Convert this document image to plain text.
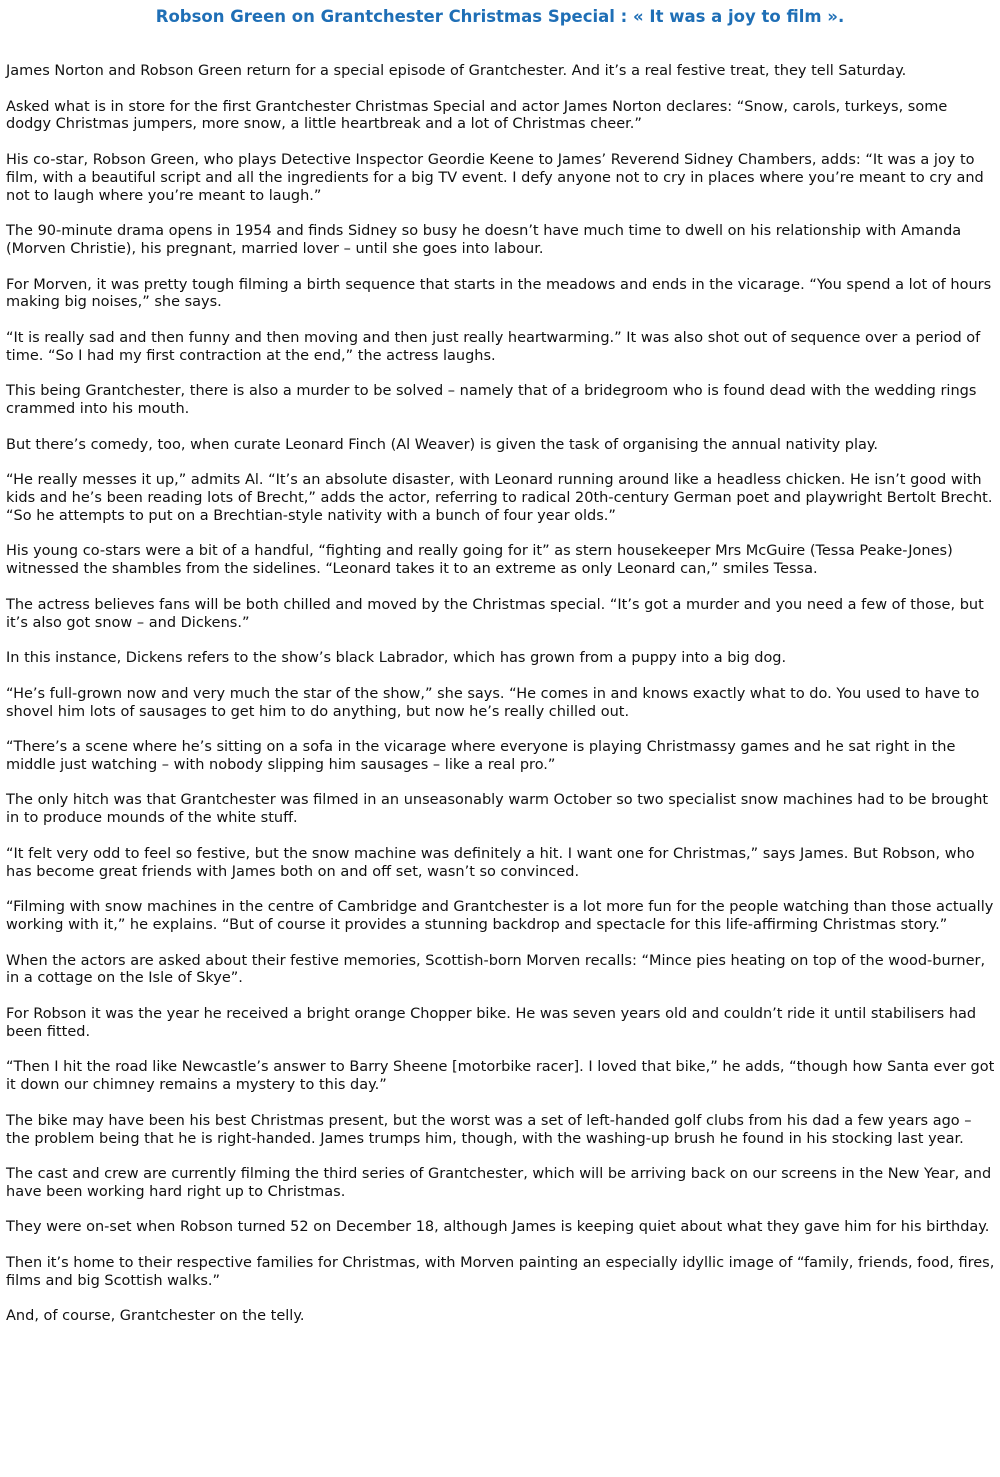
Robson Green on Grantchester Christmas Special : « It was a joy to film ».

James Norton and Robson Green return for a special episode of Grantchester. And it’s a real festive treat, they tell Saturday.

Asked what is in store for the first Grantchester Christmas Special and actor James Norton declares: “Snow, carols, turkeys, some dodgy Christmas jumpers, more snow, a little heartbreak and a lot of Christmas cheer.”

His co-star, Robson Green, who plays Detective Inspector Geordie Keene to James’ Reverend Sidney Chambers, adds: “It was a joy to film, with a beautiful script and all the ingredients for a big TV event. I defy anyone not to cry in places where you’re meant to cry and not to laugh where you’re meant to laugh.”

The 90-minute drama opens in 1954 and finds Sidney so busy he doesn’t have much time to dwell on his relationship with Amanda (Morven Christie), his pregnant, married lover – until she goes into labour.

For Morven, it was pretty tough filming a birth sequence that starts in the meadows and ends in the vicarage. “You spend a lot of hours making big noises,” she says.

“It is really sad and then funny and then moving and then just really heartwarming.” It was also shot out of sequence over a period of time. “So I had my first contraction at the end,” the actress laughs.

This being Grantchester, there is also a murder to be solved – namely that of a bridegroom who is found dead with the wedding rings crammed into his mouth.

But there’s comedy, too, when curate Leonard Finch (Al Weaver) is given the task of organising the annual nativity play.

“He really messes it up,” admits Al. “It’s an absolute disaster, with Leonard running around like a headless chicken. He isn’t good with kids and he’s been reading lots of Brecht,” adds the actor, referring to radical 20th-century German poet and playwright Bertolt Brecht. “So he attempts to put on a Brechtian-style nativity with a bunch of four year olds.”

His young co-stars were a bit of a handful, “fighting and really going for it” as stern housekeeper Mrs McGuire (Tessa Peake-Jones) witnessed the shambles from the sidelines. “Leonard takes it to an extreme as only Leonard can,” smiles Tessa.

The actress believes fans will be both chilled and moved by the Christmas special. “It’s got a murder and you need a few of those, but it’s also got snow – and Dickens.”

In this instance, Dickens refers to the show’s black Labrador, which has grown from a puppy into a big dog.

“He’s full-grown now and very much the star of the show,” she says. “He comes in and knows exactly what to do. You used to have to shovel him lots of sausages to get him to do anything, but now he’s really chilled out.

“There’s a scene where he’s sitting on a sofa in the vicarage where everyone is playing Christmassy games and he sat right in the middle just watching – with nobody slipping him sausages – like a real pro.”

The only hitch was that Grantchester was filmed in an unseasonably warm October so two specialist snow machines had to be brought in to produce mounds of the white stuff.

“It felt very odd to feel so festive, but the snow machine was definitely a hit. I want one for Christmas,” says James. But Robson, who has become great friends with James both on and off set, wasn’t so convinced.

“Filming with snow machines in the centre of Cambridge and Grantchester is a lot more fun for the people watching than those actually working with it,” he explains. “But of course it provides a stunning backdrop and spectacle for this life-affirming Christmas story.”

When the actors are asked about their festive memories, Scottish-born Morven recalls: “Mince pies heating on top of the wood-burner, in a cottage on the Isle of Skye”.

For Robson it was the year he received a bright orange Chopper bike. He was seven years old and couldn’t ride it until stabilisers had been fitted.

“Then I hit the road like Newcastle’s answer to Barry Sheene [motorbike racer]. I loved that bike,” he adds, “though how Santa ever got it down our chimney remains a mystery to this day.”

The bike may have been his best Christmas present, but the worst was a set of left-handed golf clubs from his dad a few years ago – the problem being that he is right-handed. James trumps him, though, with the washing-up brush he found in his stocking last year.

The cast and crew are currently filming the third series of Grantchester, which will be arriving back on our screens in the New Year, and have been working hard right up to Christmas.

They were on-set when Robson turned 52 on December 18, although James is keeping quiet about what they gave him for his birthday.

Then it’s home to their respective families for Christmas, with Morven painting an especially idyllic image of “family, friends, food, fires, films and big Scottish walks.”

And, of course, Grantchester on the telly.
